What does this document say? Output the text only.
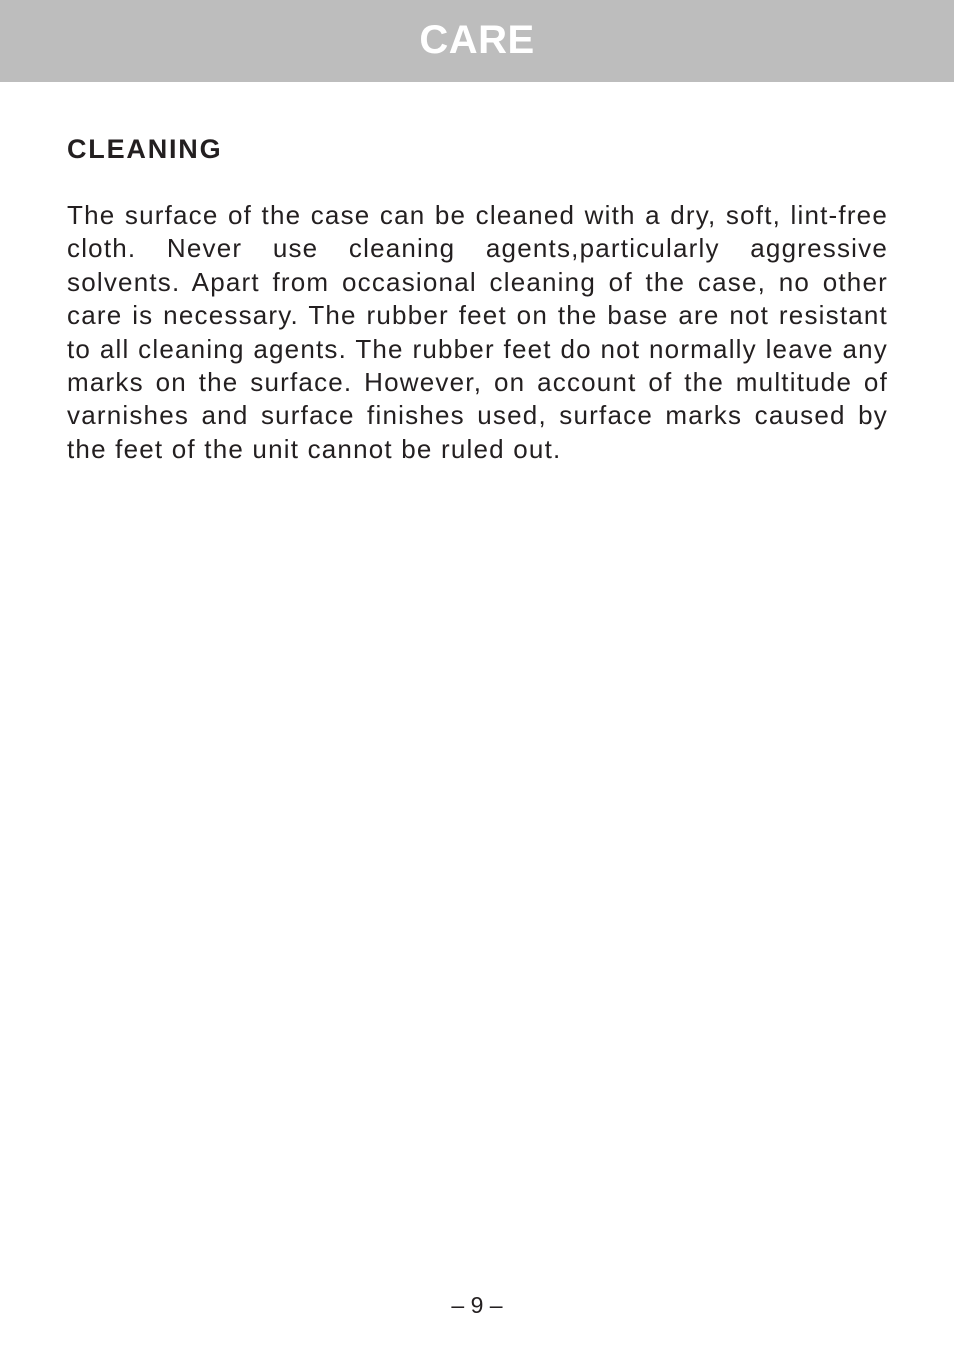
CARE
CLEANING

The surface of the case can be cleaned with a dry, soft, lint-free cloth. Never use cleaning agents,particularly aggressive solvents. Apart from occasional cleaning of the case, no other care is necessary. The rubber feet on the base are not resistant to all cleaning agents. The rubber feet do not normally leave any marks on the surface. However, on account of the multitude of varnishes and surface finishes used, surface marks caused by the feet of the unit cannot be ruled out.

– 9 –
